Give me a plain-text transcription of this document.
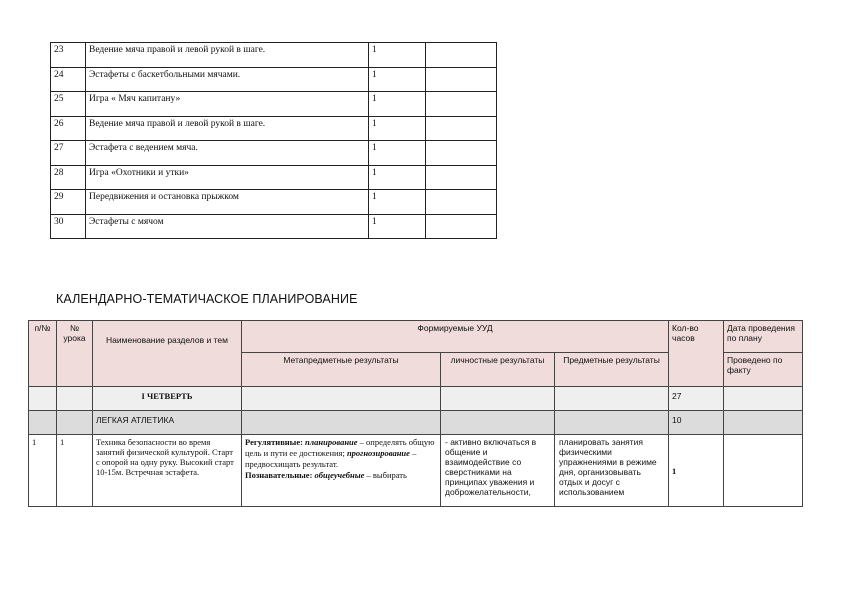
23	Ведение мяча правой и левой рукой в шаге.	1	
24	Эстафеты с баскетбольными мячами.	1	
25	Игра « Мяч капитану»	1	
26	Ведение мяча правой и левой рукой в шаге.	1	
27	Эстафета с ведением мяча.	1	
28	Игра «Охотники и утки»	1	
29	Передвижения и остановка прыжком	1	
30	Эстафеты с мячом	1	
КАЛЕНДАРНО-ТЕМАТИЧАСКОЕ ПЛАНИРОВАНИЕ
п/№	№ урока	Наименование разделов и тем	Формируемые УУД			Кол-во часов	Дата проведения по плану
			Метапредметные результаты	личностные результаты	Предметные результаты		Проведено по факту
		I ЧЕТВЕРТЬ				27	
		ЛЕГКАЯ АТЛЕТИКА				10	
1	1	Техника безопасности во время занятий физической культурой. Старт с опорой на одну руку. Высокий старт 10-15м. Встречная эстафета.	Регулятивные: планирование – определять общую цель и пути ее достижения; прогнозирование – предвосхищать результат.
Познавательные: общеучебные – выбирать	- активно включаться в общение и взаимодействие со сверстниками на принципах уважения и доброжелательности,	планировать занятия физическими упражнениями в режиме дня, организовывать отдых и досуг с использованием	1	
